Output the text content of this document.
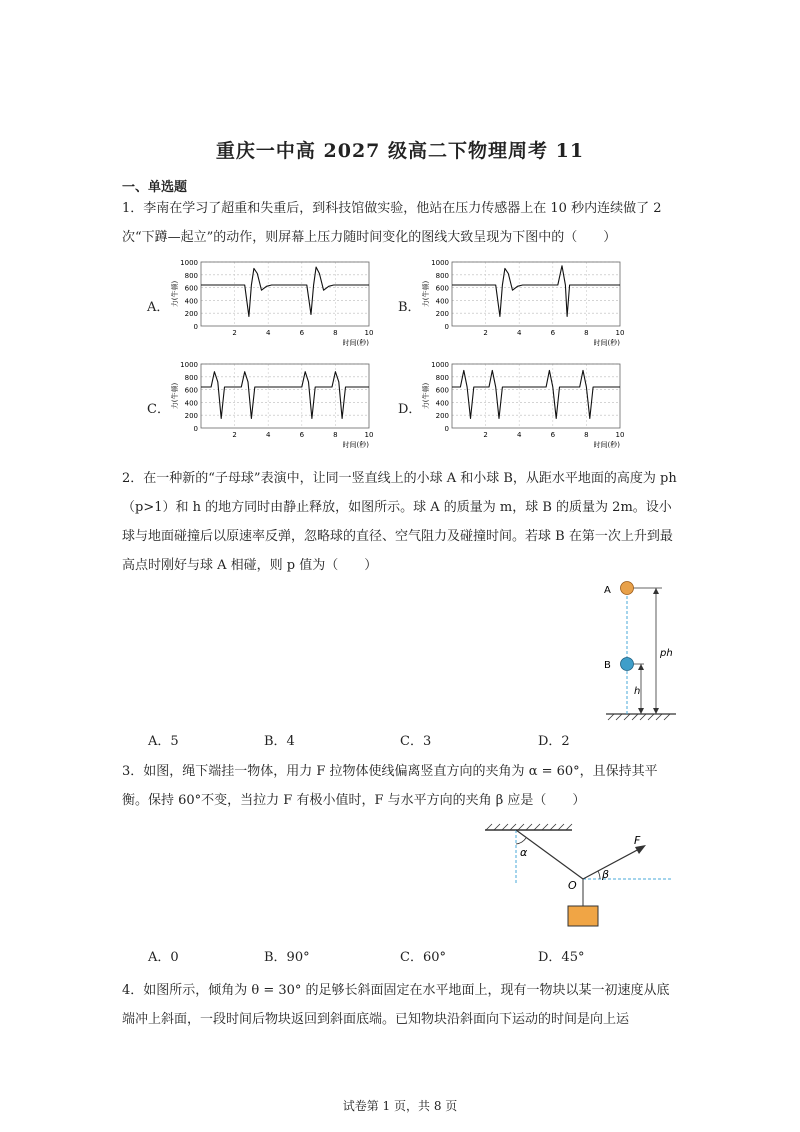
重庆一中高 2027 级高二下物理周考 11
一、单选题
1．李南在学习了超重和失重后，到科技馆做实验，他站在压力传感器上在 10 秒内连续做了 2 次“下蹲—起立”的动作，则屏幕上压力随时间变化的图线大致呈现为下图中的（　　）
A．	B．
C．	D．
1000
800
600
400
200
0
2	4	6	8	10
力(牛顿)
时间(秒)
1000
800
600
400
200
0
2	4	6	8	10
力(牛顿)
时间(秒)
1000
800
600
400
200
0
2	4	6	8	10
力(牛顿)
时间(秒)
1000
800
600
400
200
0
2	4	6	8	10
力(牛顿)
时间(秒)
2．在一种新的“子母球”表演中，让同一竖直线上的小球 A 和小球 B，从距水平地面的高度为 ph（p>1）和 h 的地方同时由静止释放，如图所示。球 A 的质量为 m，球 B 的质量为 2m。设小球与地面碰撞后以原速率反弹，忽略球的直径、空气阻力及碰撞时间。若球 B 在第一次上升到最高点时刚好与球 A 相碰，则 p 值为（　　）
A
B
ph
h
A．5	B．4	C．3	D．2
3．如图，绳下端挂一物体，用力 F 拉物体使线偏离竖直方向的夹角为 α = 60°，且保持其平衡。保持 60°不变，当拉力 F 有极小值时，F 与水平方向的夹角 β 应是（　　）
α
O
F
β
A．0	B．90°	C．60°	D．45°
4．如图所示，倾角为 θ = 30° 的足够长斜面固定在水平地面上，现有一物块以某一初速度从底端冲上斜面，一段时间后物块返回到斜面底端。已知物块沿斜面向下运动的时间是向上运
试卷第 1 页，共 8 页
